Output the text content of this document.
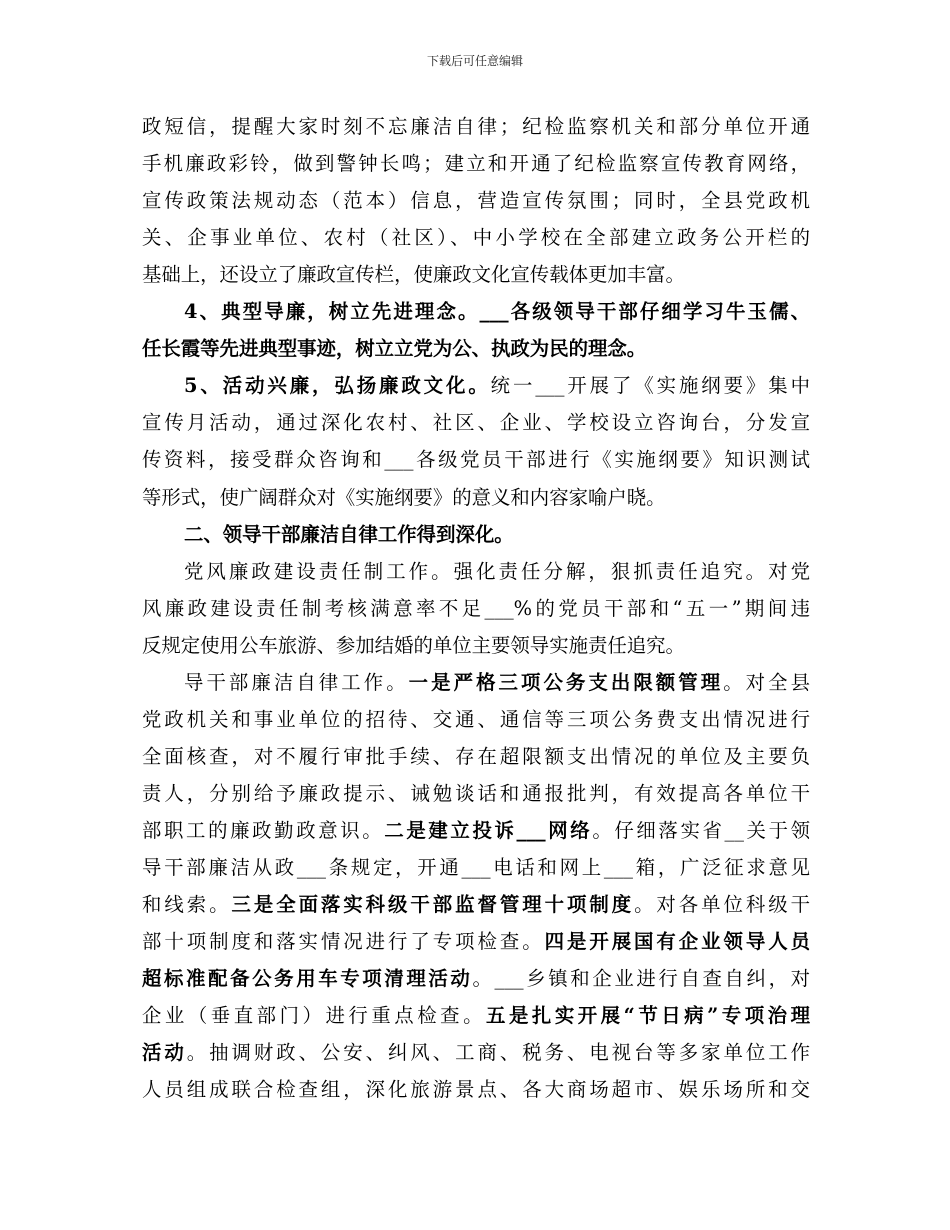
下载后可任意编辑
政短信，提醒大家时刻不忘廉洁自律；纪检监察机关和部分单位开通
手机廉政彩铃，做到警钟长鸣；建立和开通了纪检监察宣传教育网络，
宣传政策法规动态（范本）信息，营造宣传氛围；同时，全县党政机
关、企事业单位、农村（社区）、中小学校在全部建立政务公开栏的
基础上，还设立了廉政宣传栏，使廉政文化宣传载体更加丰富。
4、典型导廉，树立先进理念。___各级领导干部仔细学习牛玉儒、
任长霞等先进典型事迹，树立立党为公、执政为民的理念。
5、活动兴廉，弘扬廉政文化。统一___开展了《实施纲要》集中
宣传月活动，通过深化农村、社区、企业、学校设立咨询台，分发宣
传资料，接受群众咨询和___各级党员干部进行《实施纲要》知识测试
等形式，使广阔群众对《实施纲要》的意义和内容家喻户晓。
二、领导干部廉洁自律工作得到深化。
党风廉政建设责任制工作。强化责任分解，狠抓责任追究。对党
风廉政建设责任制考核满意率不足___%的党员干部和“五一”期间违
反规定使用公车旅游、参加结婚的单位主要领导实施责任追究。
导干部廉洁自律工作。一是严格三项公务支出限额管理。对全县
党政机关和事业单位的招待、交通、通信等三项公务费支出情况进行
全面核查，对不履行审批手续、存在超限额支出情况的单位及主要负
责人，分别给予廉政提示、诫勉谈话和通报批判，有效提高各单位干
部职工的廉政勤政意识。二是建立投诉___网络。仔细落实省__关于领
导干部廉洁从政___条规定，开通___电话和网上___箱，广泛征求意见
和线索。三是全面落实科级干部监督管理十项制度。对各单位科级干
部十项制度和落实情况进行了专项检查。四是开展国有企业领导人员
超标准配备公务用车专项清理活动。___乡镇和企业进行自查自纠，对
企业（垂直部门）进行重点检查。五是扎实开展“节日病”专项治理
活动。抽调财政、公安、纠风、工商、税务、电视台等多家单位工作
人员组成联合检查组，深化旅游景点、各大商场超市、娱乐场所和交
